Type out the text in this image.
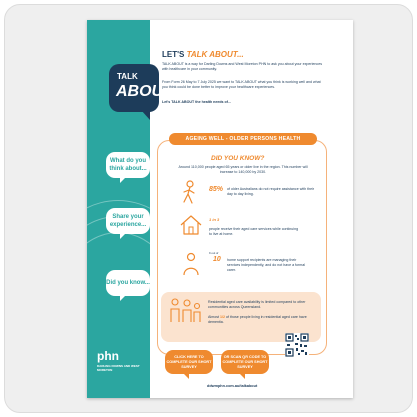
TALK
ABOUT
What do you think about...
Share your experience...
Did you know...
phn
DARLING DOWNS AND WEST MORETON
LET'S TALK ABOUT...
TALK ABOUT is a way for Darling Downs and West Moreton PHN to ask you about your experiences with healthcare in your community.
From Form 26 May to 7 July 2025 we want to TALK ABOUT what you think is working well and what you think could be done better to improve your healthcare experiences.
Let's TALK ABOUT the health needs of...
AGEING WELL - OLDER PERSONS HEALTH
DID YOU KNOW?
Around 110,000 people aged 65 years or older live in the region. This number will increase to 140,000 by 2030.
85% of older Australians do not require assistance with their day to day living.
1 in 3
people receive their aged care services while continuing to live at home.
9 out of
10 home support recipients are managing their services independently, and do not have a formal carer.
Residential aged care availability is limited compared to other communities across Queensland.
Almost 1/2 of those people living in residential aged care have dementia.
CLICK HERE TO COMPLETE OUR SHORT SURVEY
OR SCAN QR CODE TO COMPLETE OUR SHORT SURVEY
ddwmphn.com.au/talkabout
